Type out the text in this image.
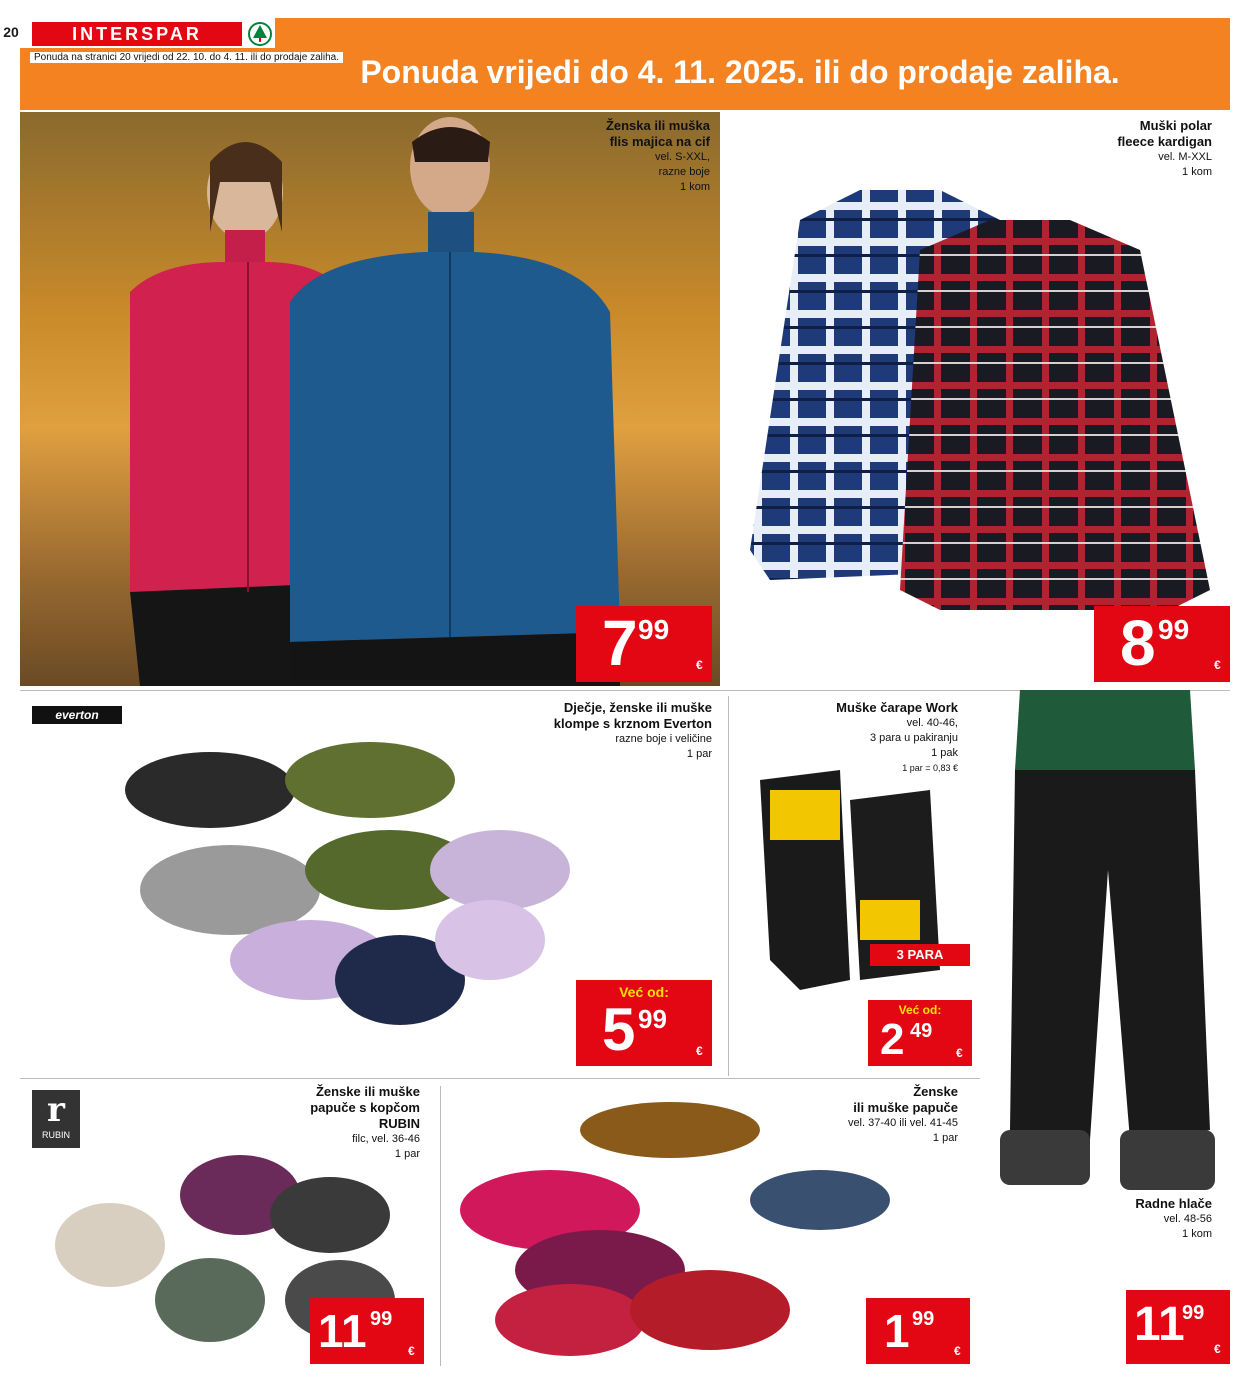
20	INTERSPAR
Ponuda na stranici 20 vrijedi od 22. 10. do 4. 11. ili do prodaje zaliha. Ponuda vrijedi do 4. 11. 2025. ili do prodaje zaliha.
Ženska ili muška
flis majica na cif
vel. S-XXL,
razne boje
1 kom
7 99
€
Muški polar
fleece kardigan
vel. M-XXL
1 kom
8 99
€
everton	Dječje, ženske ili muške
klompe s krznom Everton
razne boje i veličine
1 par
Već od:
5 99
€
Muške čarape Work
vel. 40-46,
3 para u pakiranju
1 pak
1 par = 0,83 €
3 PARA
Već od:
2 49
€
Radne hlače
vel. 48-56
1 kom
11
99
€
r
RUBIN
Ženske ili muške
papuče s kopčom
RUBIN
filc, vel. 36-46
1 par
11 99
€
Ženske
ili muške papuče
vel. 37-40 ili vel. 41-45
1 par
1 99
€
